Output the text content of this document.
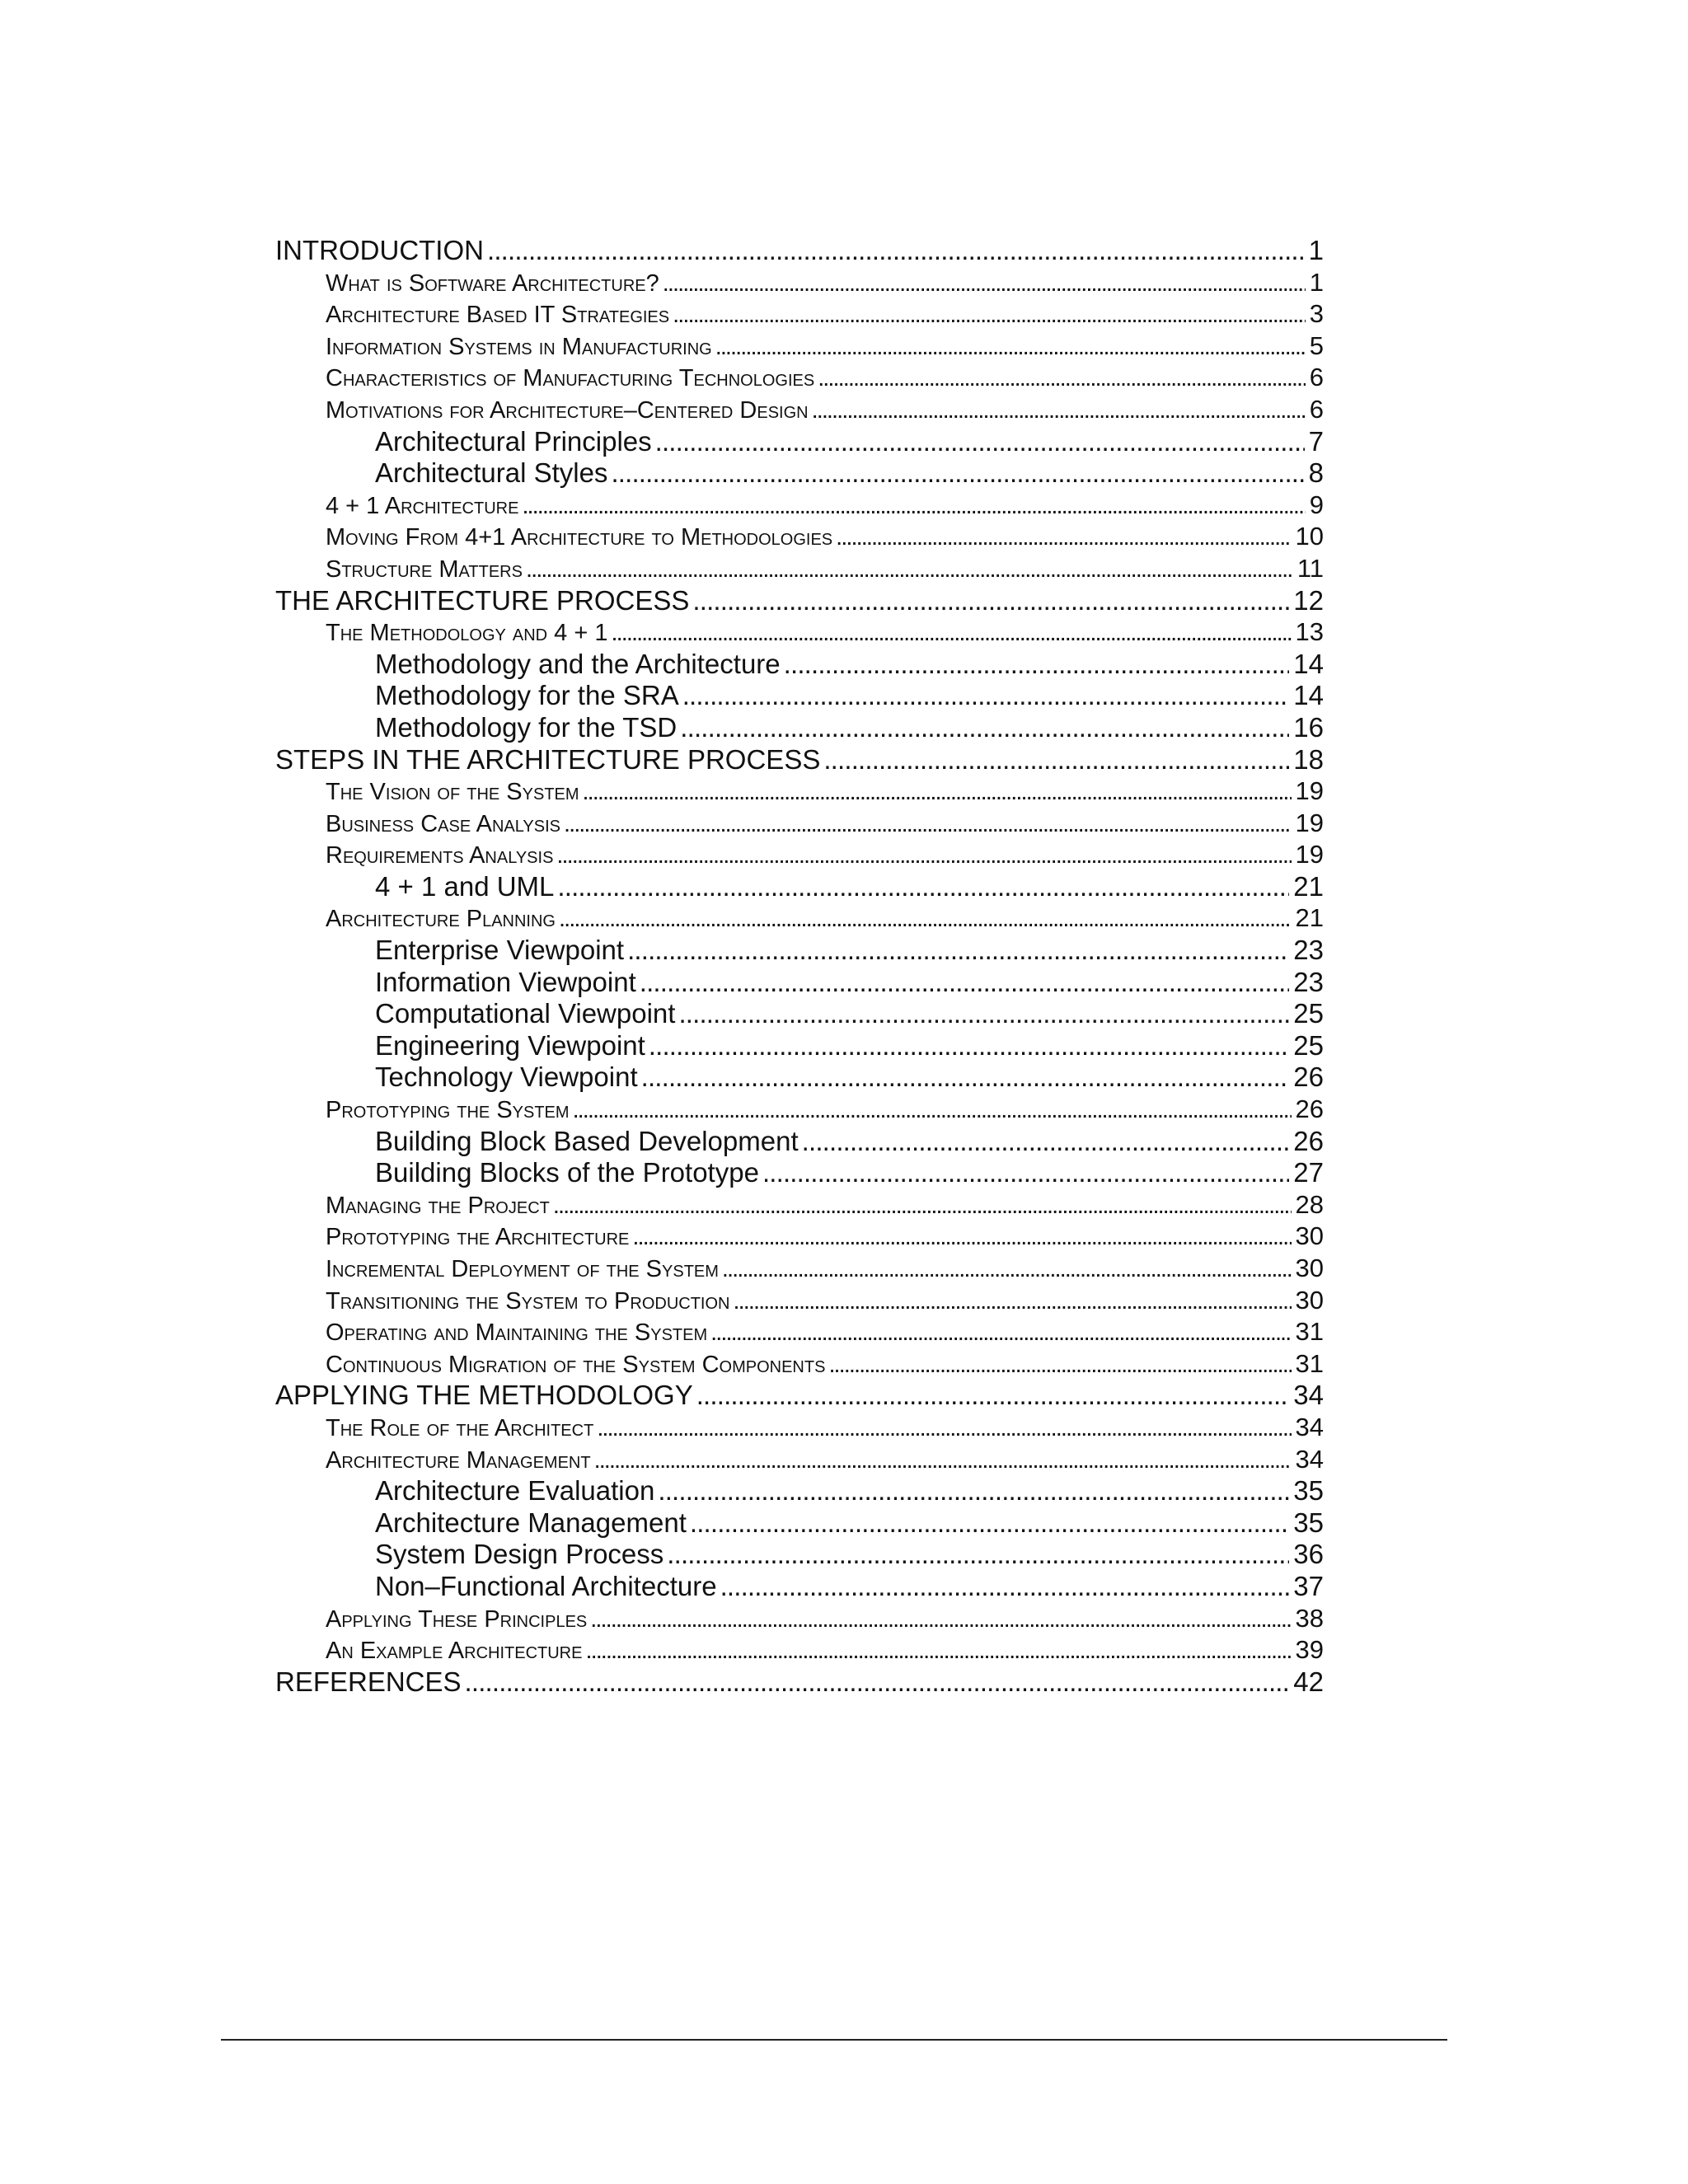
INTRODUCTION . . .	1
What is Software Architecture? . . .	1
Architecture Based IT Strategies . . .	3
Information Systems in Manufacturing . . .	5
Characteristics of Manufacturing Technologies . . .	6
Motivations for Architecture–Centered Design . . .	6
Architectural Principles . . .	7
Architectural Styles . . .	8
4 + 1 Architecture . . .	9
Moving From 4+1 Architecture to Methodologies . . .	10
Structure Matters . . .	11
THE ARCHITECTURE PROCESS . . .	12
The Methodology and 4 + 1 . . .	13
Methodology and the Architecture . . .	14
Methodology for the SRA . . .	14
Methodology for the TSD . . .	16
STEPS IN THE ARCHITECTURE PROCESS . . .	18
The Vision of the System . . .	19
Business Case Analysis . . .	19
Requirements Analysis . . .	19
4 + 1 and UML . . .	21
Architecture Planning . . .	21
Enterprise Viewpoint . . .	23
Information Viewpoint . . .	23
Computational Viewpoint . . .	25
Engineering Viewpoint . . .	25
Technology Viewpoint . . .	26
Prototyping the System . . .	26
Building Block Based Development . . .	26
Building Blocks of the Prototype . . .	27
Managing the Project . . .	28
Prototyping the Architecture . . .	30
Incremental Deployment of the System . . .	30
Transitioning the System to Production . . .	30
Operating and Maintaining the System . . .	31
Continuous Migration of the System Components . . .	31
APPLYING THE METHODOLOGY . . .	34
The Role of the Architect . . .	34
Architecture Management . . .	34
Architecture Evaluation . . .	35
Architecture Management . . .	35
System Design Process . . .	36
Non–Functional Architecture . . .	37
Applying These Principles . . .	38
An Example Architecture . . .	39
REFERENCES . . .	42
